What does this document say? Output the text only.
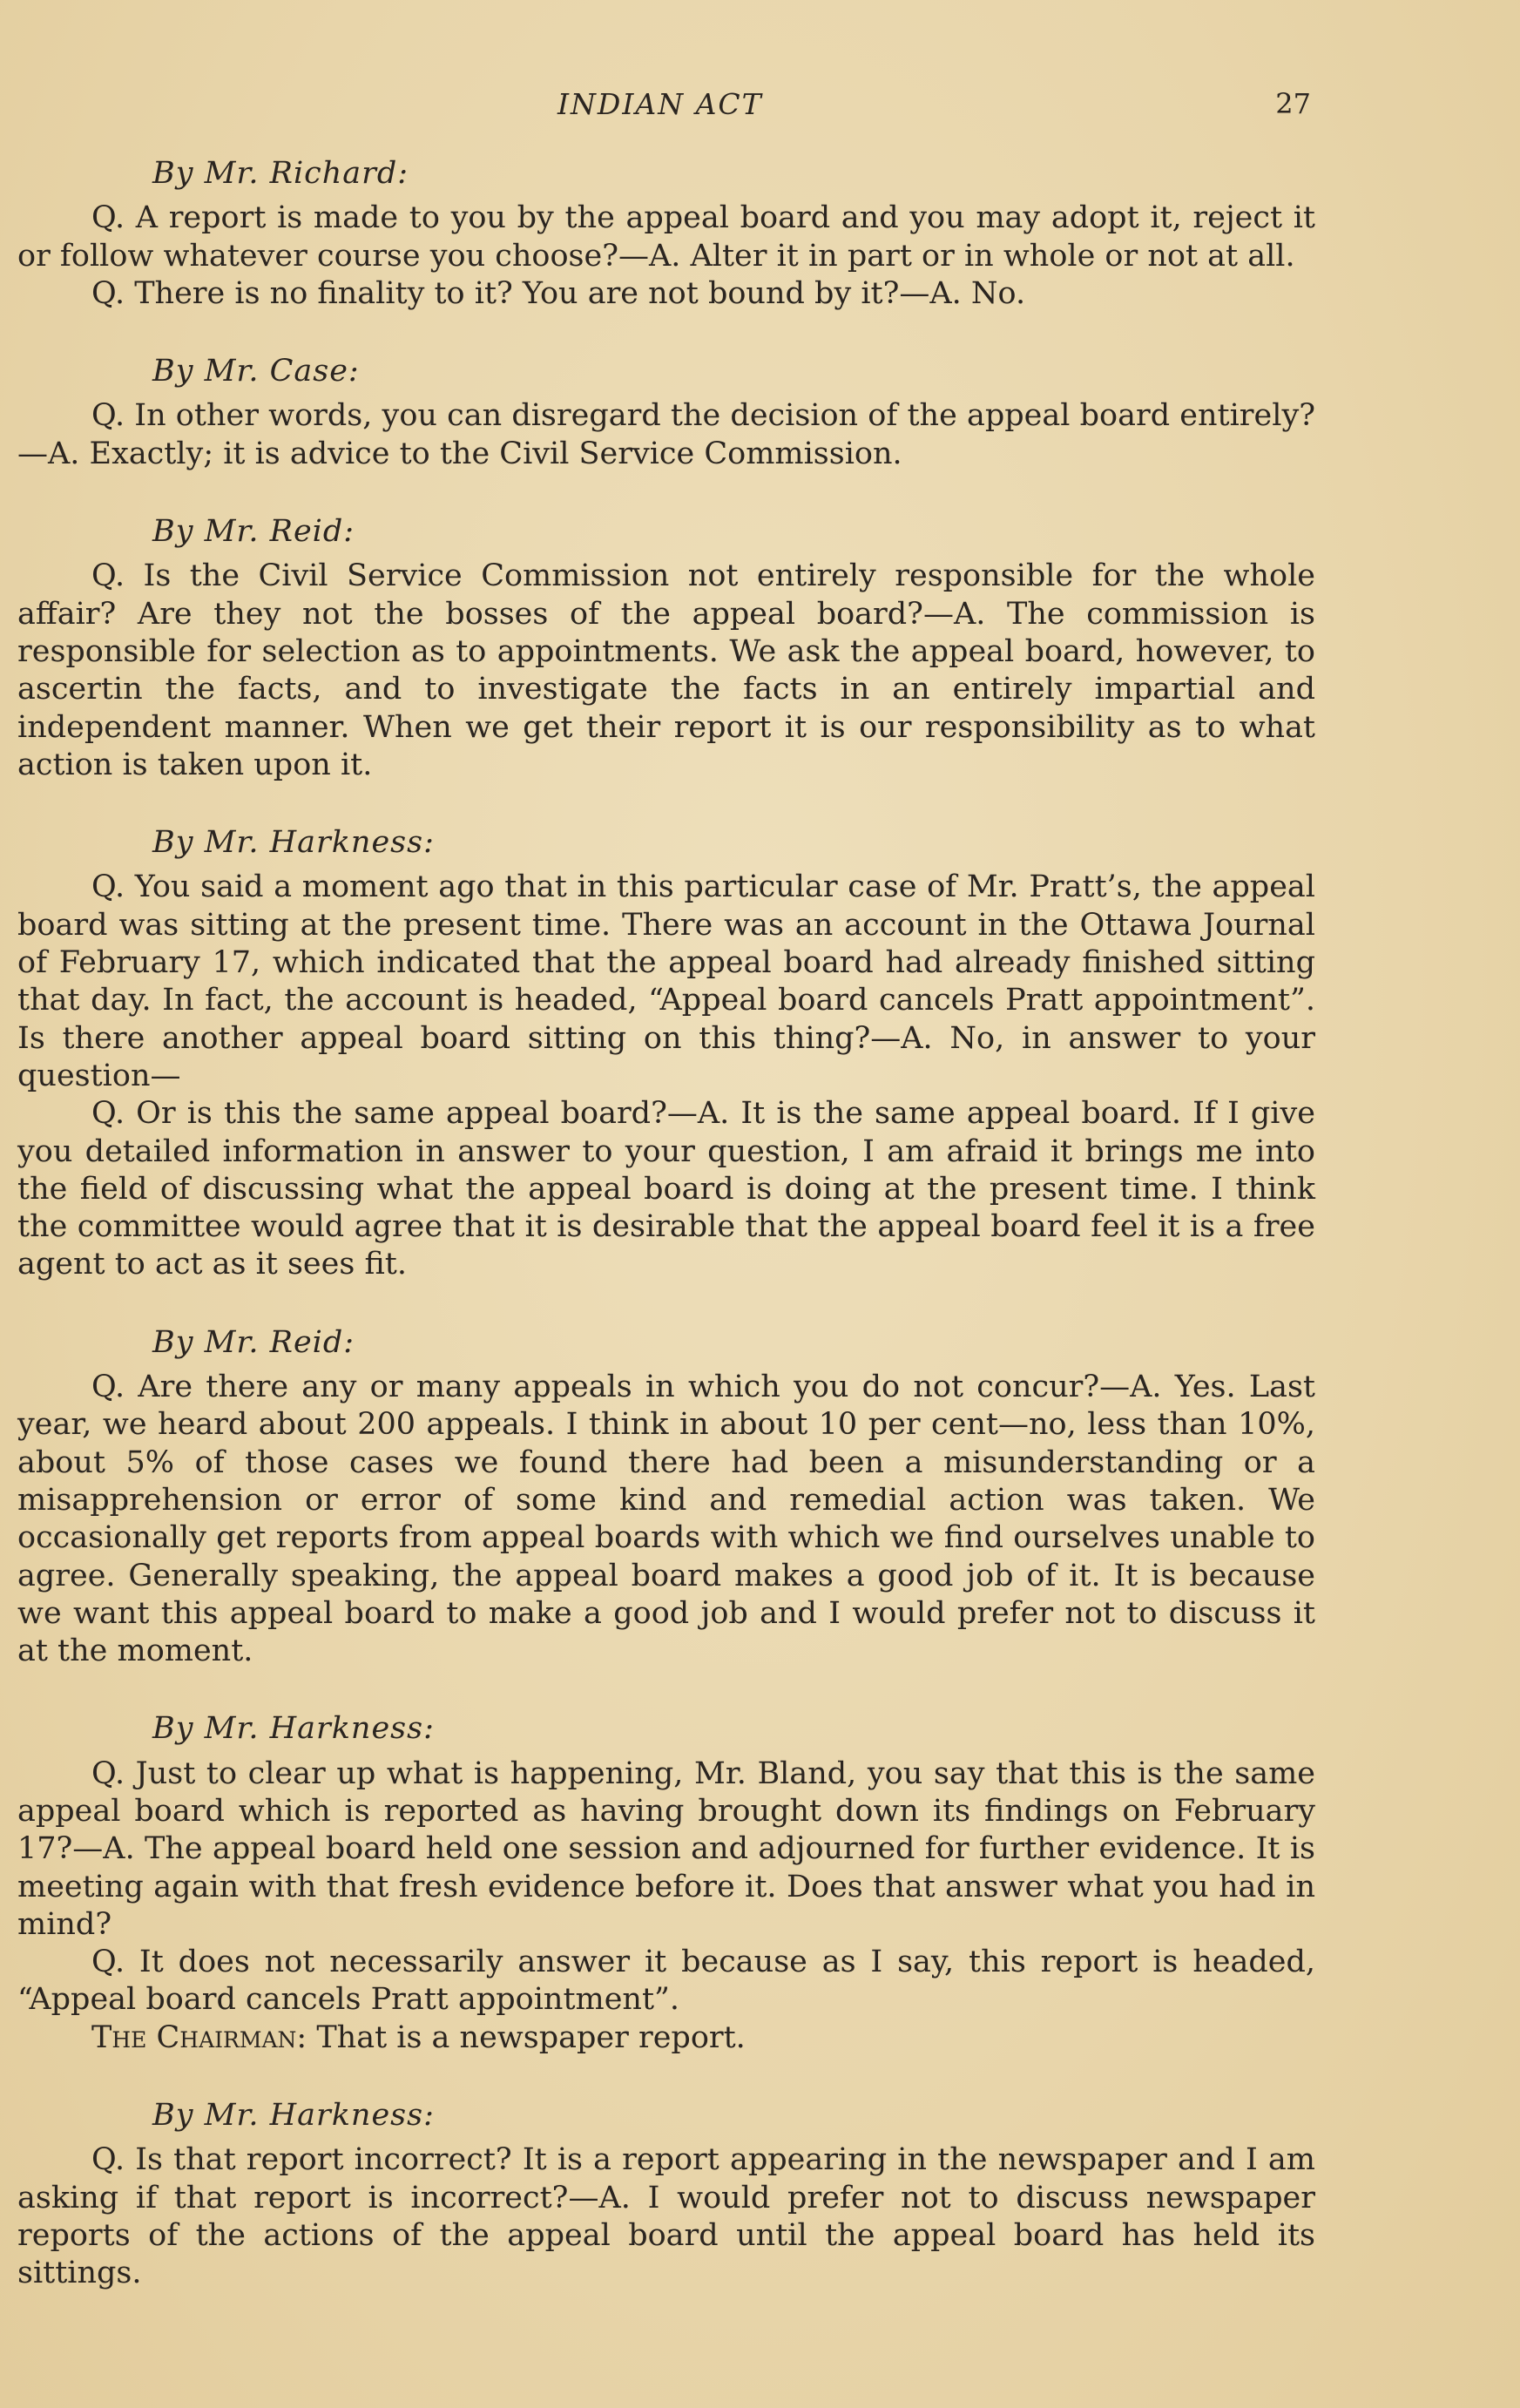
INDIAN ACT	27

By Mr. Richard:

Q. A report is made to you by the appeal board and you may adopt it, reject it or follow whatever course you choose?—A. Alter it in part or in whole or not at all.

Q. There is no finality to it? You are not bound by it?—A. No.

By Mr. Case:

Q. In other words, you can disregard the decision of the appeal board entirely?—A. Exactly; it is advice to the Civil Service Commission.

By Mr. Reid:

Q. Is the Civil Service Commission not entirely responsible for the whole affair? Are they not the bosses of the appeal board?—A. The commission is responsible for selection as to appointments. We ask the appeal board, however, to ascertin the facts, and to investigate the facts in an entirely impartial and independent manner. When we get their report it is our responsibility as to what action is taken upon it.

By Mr. Harkness:

Q. You said a moment ago that in this particular case of Mr. Pratt’s, the appeal board was sitting at the present time. There was an account in the Ottawa Journal of February 17, which indicated that the appeal board had already finished sitting that day. In fact, the account is headed, “Appeal board cancels Pratt appointment”. Is there another appeal board sitting on this thing?—A. No, in answer to your question—

Q. Or is this the same appeal board?—A. It is the same appeal board. If I give you detailed information in answer to your question, I am afraid it brings me into the field of discussing what the appeal board is doing at the present time. I think the committee would agree that it is desirable that the appeal board feel it is a free agent to act as it sees fit.

By Mr. Reid:

Q. Are there any or many appeals in which you do not concur?—A. Yes. Last year, we heard about 200 appeals. I think in about 10 per cent—no, less than 10%, about 5% of those cases we found there had been a misunderstanding or a misapprehension or error of some kind and remedial action was taken. We occasionally get reports from appeal boards with which we find ourselves unable to agree. Generally speaking, the appeal board makes a good job of it. It is because we want this appeal board to make a good job and I would prefer not to discuss it at the moment.

By Mr. Harkness:

Q. Just to clear up what is happening, Mr. Bland, you say that this is the same appeal board which is reported as having brought down its findings on February 17?—A. The appeal board held one session and adjourned for further evidence. It is meeting again with that fresh evidence before it. Does that answer what you had in mind?

Q. It does not necessarily answer it because as I say, this report is headed, “Appeal board cancels Pratt appointment”.

The Chairman: That is a newspaper report.

By Mr. Harkness:

Q. Is that report incorrect? It is a report appearing in the newspaper and I am asking if that report is incorrect?—A. I would prefer not to discuss newspaper reports of the actions of the appeal board until the appeal board has held its sittings.
